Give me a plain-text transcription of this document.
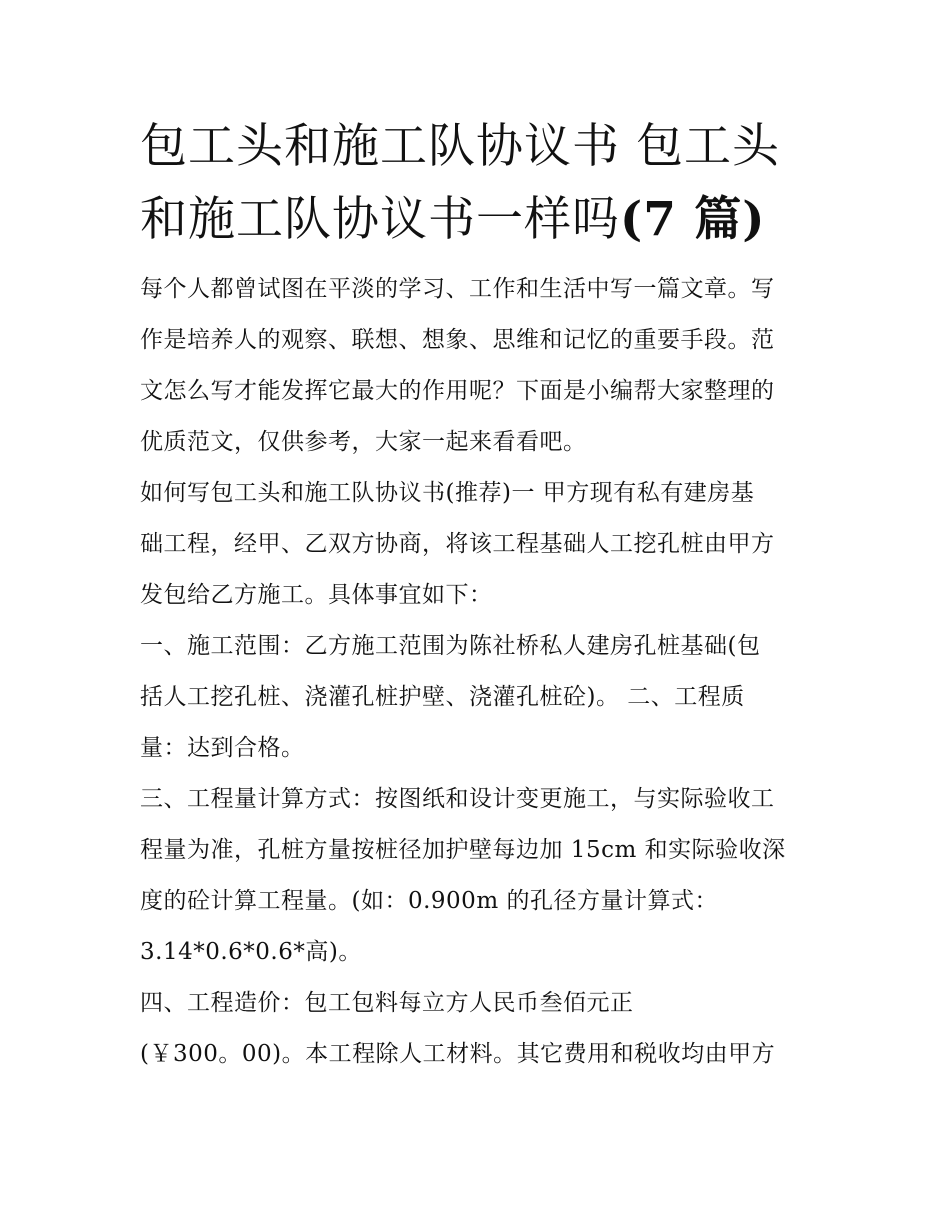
包工头和施工队协议书 包工头
和施工队协议书一样吗(7 篇)
每个人都曾试图在平淡的学习、工作和生活中写一篇文章。写
作是培养人的观察、联想、想象、思维和记忆的重要手段。范
文怎么写才能发挥它最大的作用呢？下面是小编帮大家整理的
优质范文，仅供参考，大家一起来看看吧。
如何写包工头和施工队协议书(推荐)一 甲方现有私有建房基
础工程，经甲、乙双方协商，将该工程基础人工挖孔桩由甲方
发包给乙方施工。具体事宜如下：
一、施工范围：乙方施工范围为陈社桥私人建房孔桩基础(包
括人工挖孔桩、浇灌孔桩护壁、浇灌孔桩砼)。 二、工程质
量：达到合格。
三、工程量计算方式：按图纸和设计变更施工，与实际验收工
程量为准，孔桩方量按桩径加护壁每边加 15cm 和实际验收深
度的砼计算工程量。(如：0.900m 的孔径方量计算式：
3.14*0.6*0.6*高)。
四、工程造价：包工包料每立方人民币叁佰元正
(￥300。00)。本工程除人工材料。其它费用和税收均由甲方
